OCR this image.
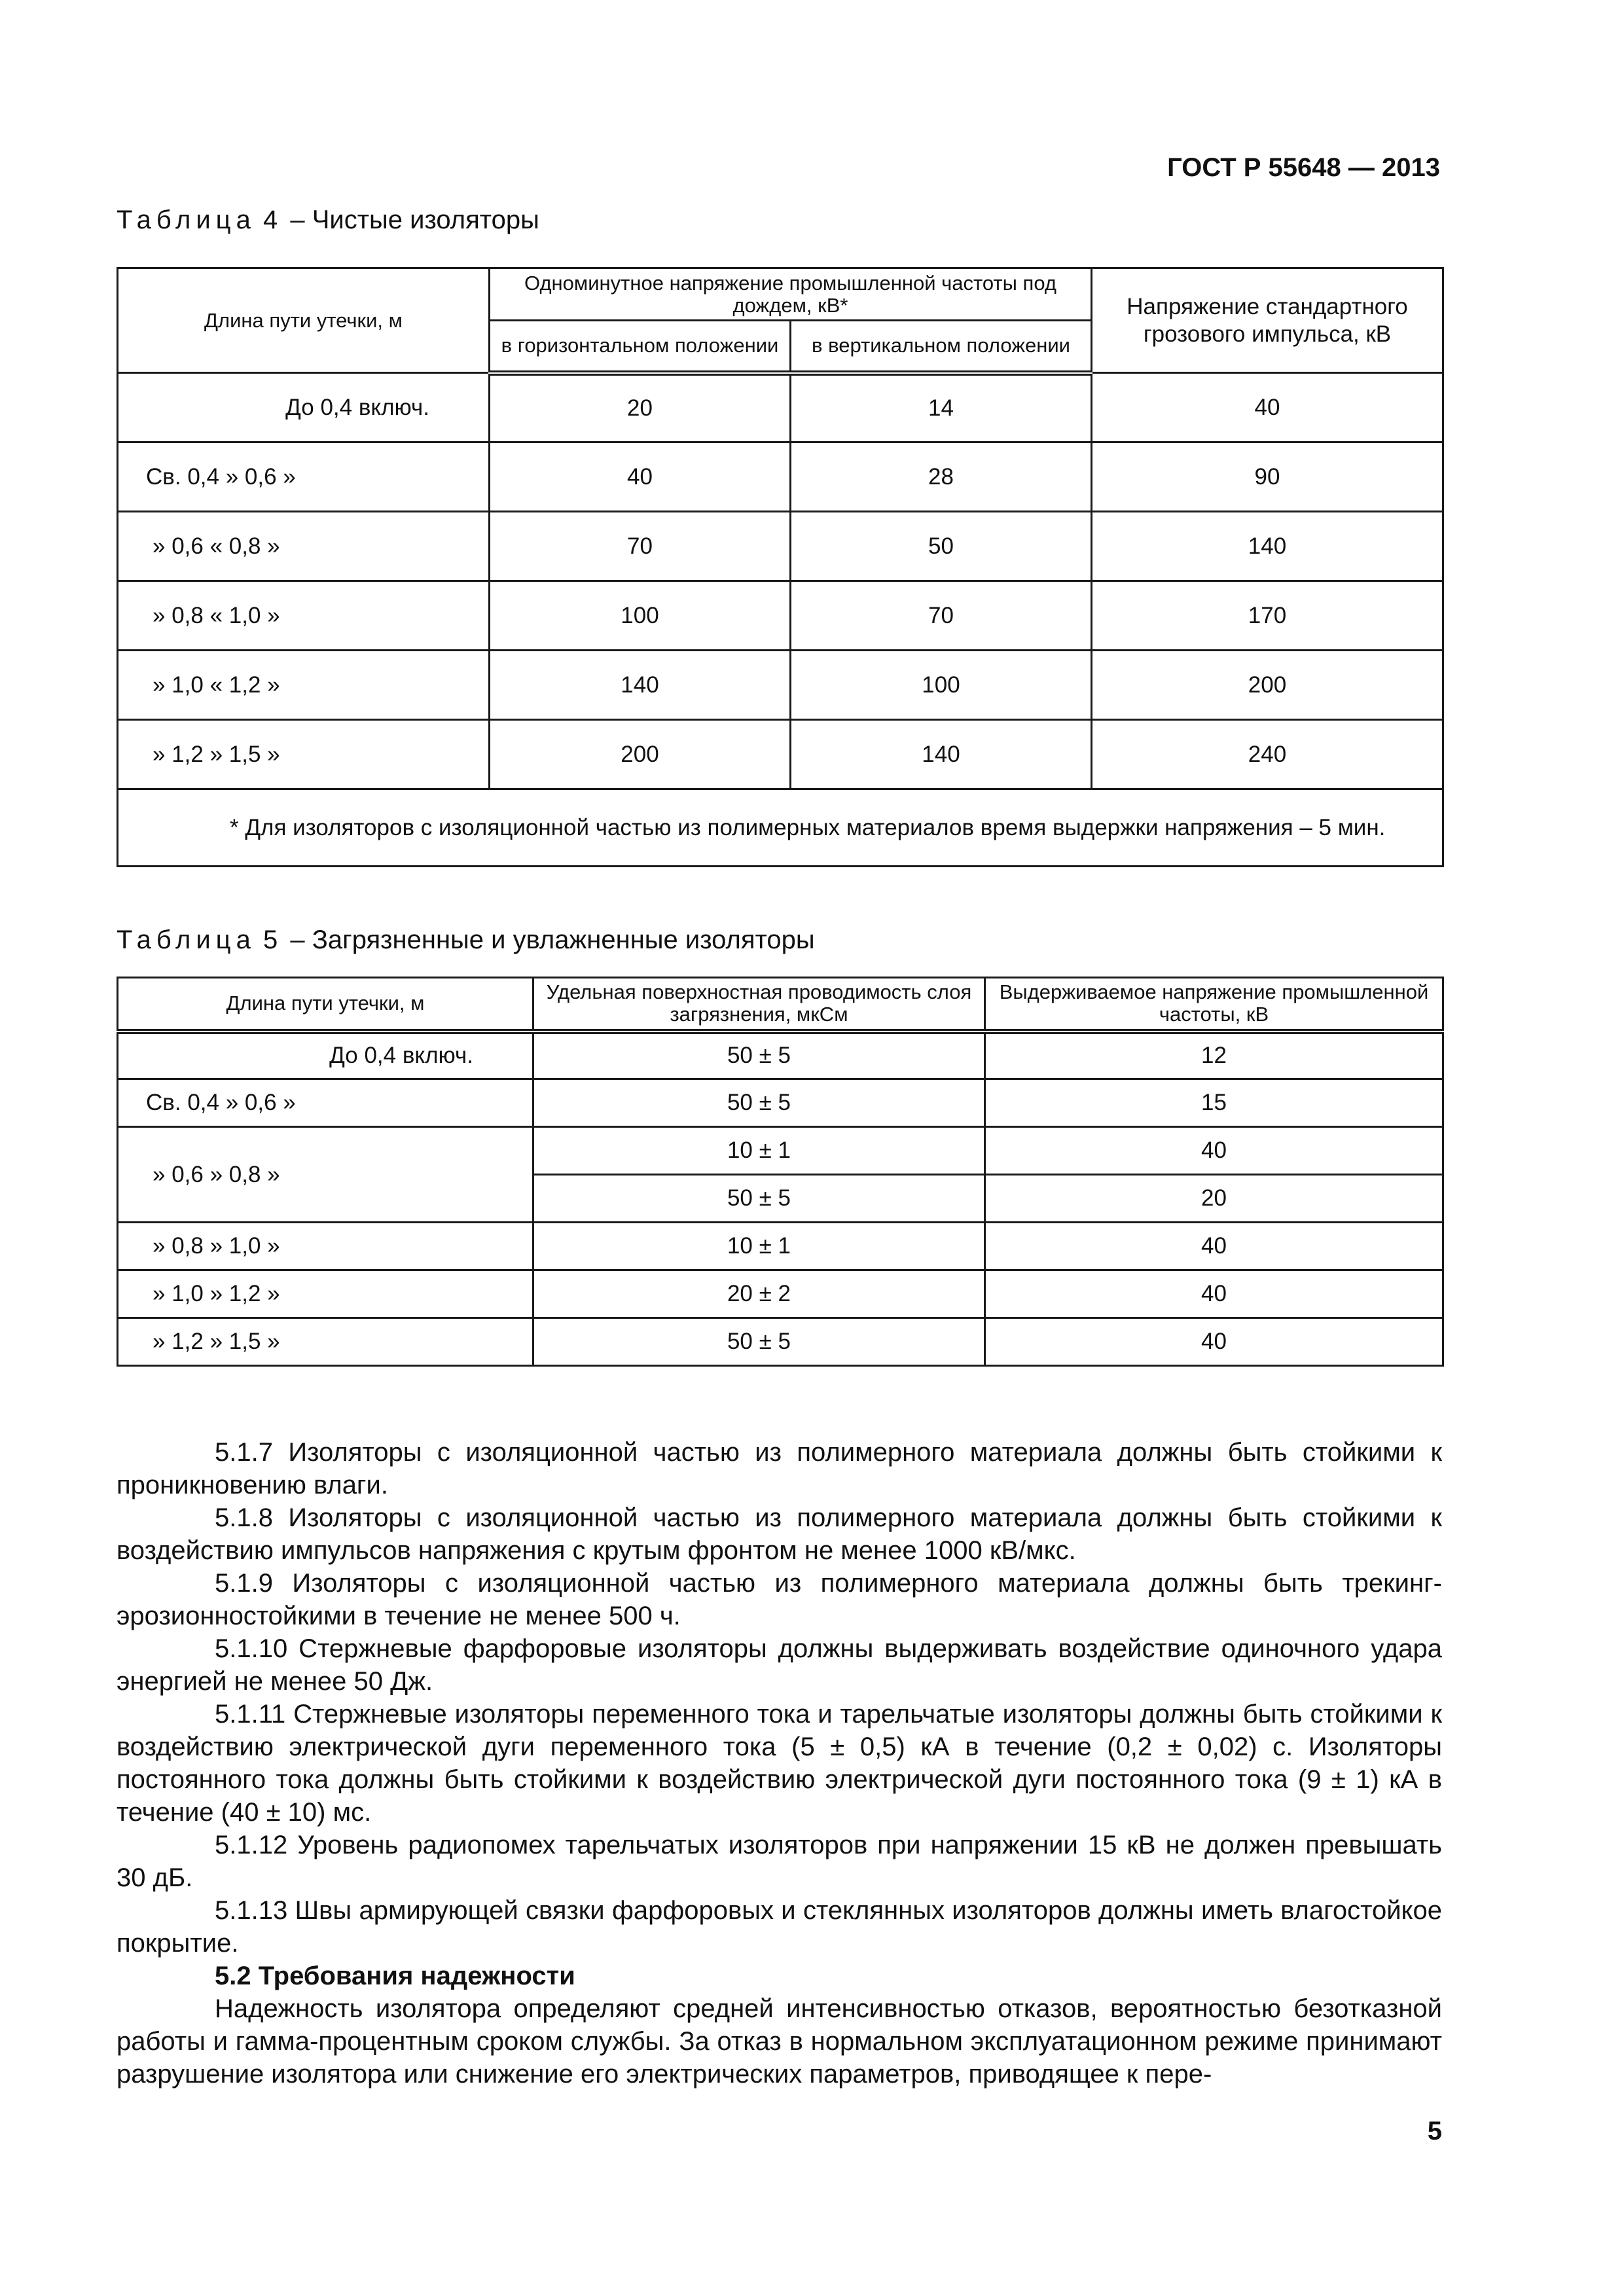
ГОСТ Р 55648 — 2013
Таблица 4 – Чистые изоляторы
Длина пути утечки, м	Одноминутное напряжение промышленной частоты под дождем, кВ*		Напряжение стандартного грозового импульса, кВ
	в горизонтальном положении	в вертикальном положении	
До 0,4 включ.	20	14	40
Св. 0,4 » 0,6 »	40	28	90
» 0,6 « 0,8 »	70	50	140
» 0,8 « 1,0 »	100	70	170
» 1,0 « 1,2 »	140	100	200
» 1,2 » 1,5 »	200	140	240
* Для изоляторов с изоляционной частью из полимерных материалов время выдержки напряжения – 5 мин.			
Таблица 5 – Загрязненные и увлажненные изоляторы
Длина пути утечки, м	Удельная поверхностная проводимость слоя загрязнения, мкСм	Выдерживаемое напряжение промышленной частоты, кВ
До 0,4 включ.	50 ± 5	12
Св. 0,4 » 0,6 »	50 ± 5	15
» 0,6 » 0,8 »	10 ± 1	40
	50 ± 5	20
» 0,8 » 1,0 »	10 ± 1	40
» 1,0 » 1,2 »	20 ± 2	40
» 1,2 » 1,5 »	50 ± 5	40

5.1.7 Изоляторы с изоляционной частью из полимерного материала должны быть стойкими к проникновению влаги.

5.1.8 Изоляторы с изоляционной частью из полимерного материала должны быть стойкими к воздействию импульсов напряжения с крутым фронтом не менее 1000 кВ/мкс.

5.1.9 Изоляторы с изоляционной частью из полимерного материала должны быть трекинг-эрозионностойкими в течение не менее 500 ч.

5.1.10 Стержневые фарфоровые изоляторы должны выдерживать воздействие одиночного удара энергией не менее 50 Дж.

5.1.11 Стержневые изоляторы переменного тока и тарельчатые изоляторы должны быть стойкими к воздействию электрической дуги переменного тока (5 ± 0,5) кА в течение (0,2 ± 0,02) с. Изоляторы постоянного тока должны быть стойкими к воздействию электрической дуги постоянного тока (9 ± 1) кА в течение (40 ± 10) мс.

5.1.12 Уровень радиопомех тарельчатых изоляторов при напряжении 15 кВ не должен превышать 30 дБ.

5.1.13 Швы армирующей связки фарфоровых и стеклянных изоляторов должны иметь влагостойкое покрытие.

5.2 Требования надежности

Надежность изолятора определяют средней интенсивностью отказов, вероятностью безотказной работы и гамма-процентным сроком службы. За отказ в нормальном эксплуатационном режиме принимают разрушение изолятора или снижение его электрических параметров, приводящее к пере-

5
